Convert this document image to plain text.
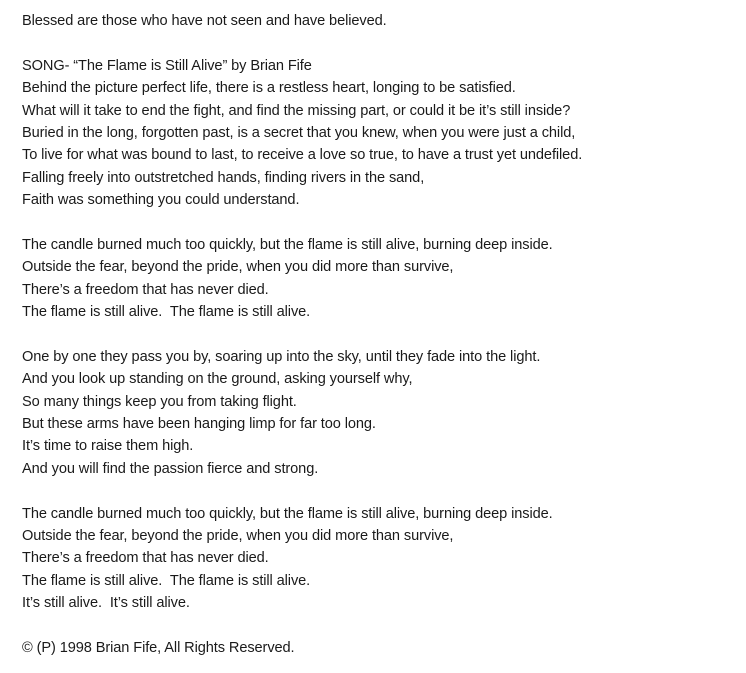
Blessed are those who have not seen and have believed.
SONG- “The Flame is Still Alive” by Brian Fife
Behind the picture perfect life, there is a restless heart, longing to be satisfied.
What will it take to end the fight, and find the missing part, or could it be it’s still inside?
Buried in the long, forgotten past, is a secret that you knew, when you were just a child,
To live for what was bound to last, to receive a love so true, to have a trust yet undefiled.
Falling freely into outstretched hands, finding rivers in the sand,
Faith was something you could understand.
The candle burned much too quickly, but the flame is still alive, burning deep inside.
Outside the fear, beyond the pride, when you did more than survive,
There’s a freedom that has never died.
The flame is still alive.  The flame is still alive.
One by one they pass you by, soaring up into the sky, until they fade into the light.
And you look up standing on the ground, asking yourself why,
So many things keep you from taking flight.
But these arms have been hanging limp for far too long.
It’s time to raise them high.
And you will find the passion fierce and strong.
The candle burned much too quickly, but the flame is still alive, burning deep inside.
Outside the fear, beyond the pride, when you did more than survive,
There’s a freedom that has never died.
The flame is still alive.  The flame is still alive.
It’s still alive.  It’s still alive.
© (P) 1998 Brian Fife, All Rights Reserved.
